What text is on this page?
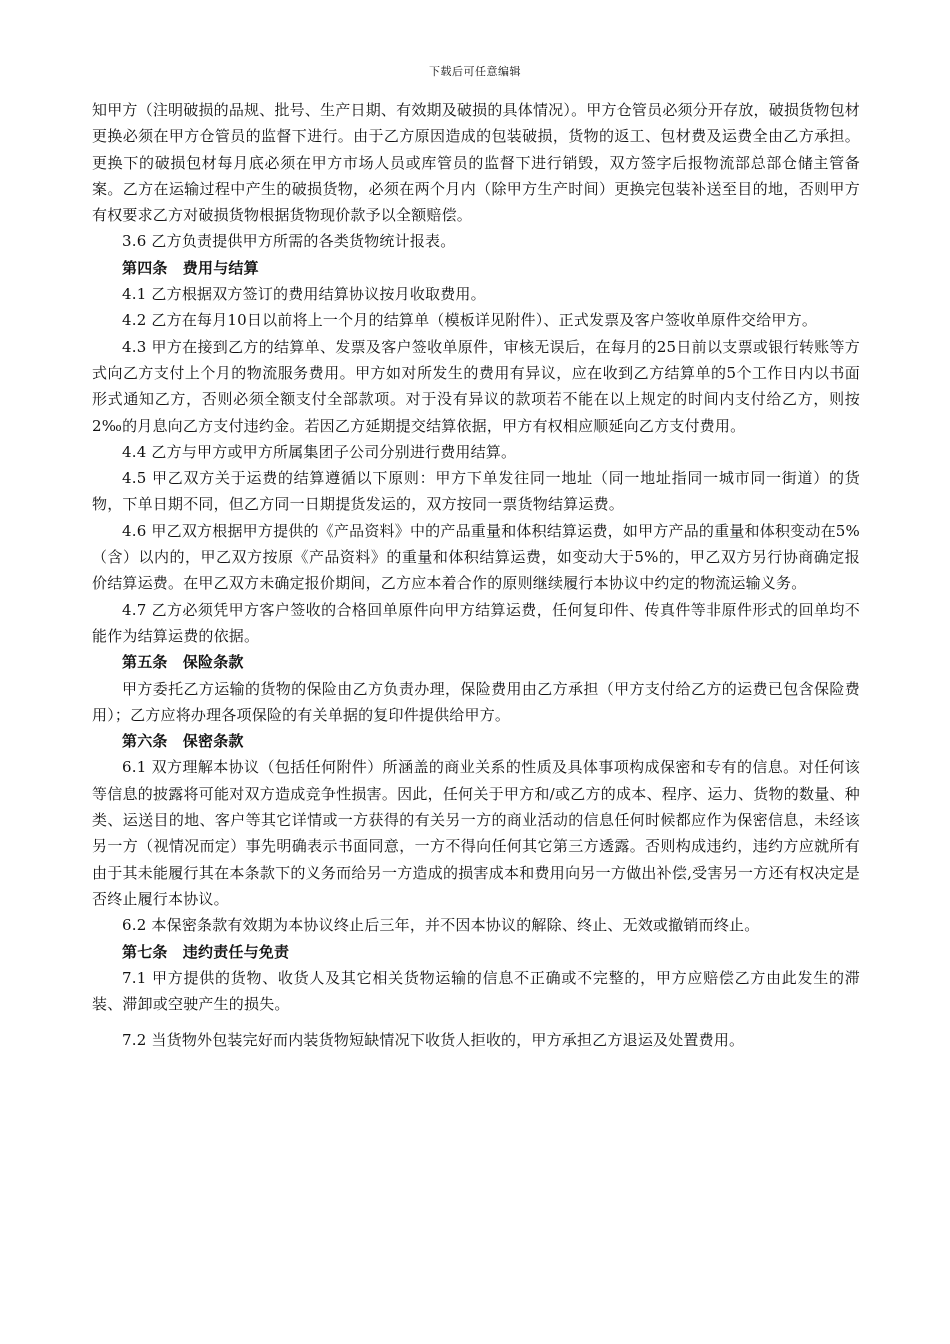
下载后可任意编辑

知甲方（注明破损的品规、批号、生产日期、有效期及破损的具体情况）。甲方仓管员必须分开存放，破损货物包材更换必须在甲方仓管员的监督下进行。由于乙方原因造成的包装破损，货物的返工、包材费及运费全由乙方承担。更换下的破损包材每月底必须在甲方市场人员或库管员的监督下进行销毁，双方签字后报物流部总部仓储主管备案。乙方在运输过程中产生的破损货物，必须在两个月内（除甲方生产时间）更换完包装补送至目的地，否则甲方有权要求乙方对破损货物根据货物现价款予以全额赔偿。

3.6 乙方负责提供甲方所需的各类货物统计报表。

第四条　费用与结算

4.1 乙方根据双方签订的费用结算协议按月收取费用。

4.2 乙方在每月10日以前将上一个月的结算单（模板详见附件）、正式发票及客户签收单原件交给甲方。

4.3 甲方在接到乙方的结算单、发票及客户签收单原件，审核无误后，在每月的25日前以支票或银行转账等方式向乙方支付上个月的物流服务费用。甲方如对所发生的费用有异议，应在收到乙方结算单的5个工作日内以书面形式通知乙方，否则必须全额支付全部款项。对于没有异议的款项若不能在以上规定的时间内支付给乙方，则按2‰的月息向乙方支付违约金。若因乙方延期提交结算依据，甲方有权相应顺延向乙方支付费用。

4.4 乙方与甲方或甲方所属集团子公司分别进行费用结算。

4.5 甲乙双方关于运费的结算遵循以下原则：甲方下单发往同一地址（同一地址指同一城市同一街道）的货物，下单日期不同，但乙方同一日期提货发运的，双方按同一票货物结算运费。

4.6 甲乙双方根据甲方提供的《产品资料》中的产品重量和体积结算运费，如甲方产品的重量和体积变动在5%（含）以内的，甲乙双方按原《产品资料》的重量和体积结算运费，如变动大于5%的，甲乙双方另行协商确定报价结算运费。在甲乙双方未确定报价期间，乙方应本着合作的原则继续履行本协议中约定的物流运输义务。

4.7 乙方必须凭甲方客户签收的合格回单原件向甲方结算运费，任何复印件、传真件等非原件形式的回单均不能作为结算运费的依据。

第五条　保险条款

甲方委托乙方运输的货物的保险由乙方负责办理，保险费用由乙方承担（甲方支付给乙方的运费已包含保险费用）；乙方应将办理各项保险的有关单据的复印件提供给甲方。

第六条　保密条款

6.1 双方理解本协议（包括任何附件）所涵盖的商业关系的性质及具体事项构成保密和专有的信息。对任何该等信息的披露将可能对双方造成竞争性损害。因此，任何关于甲方和/或乙方的成本、程序、运力、货物的数量、种类、运送目的地、客户等其它详情或一方获得的有关另一方的商业活动的信息任何时候都应作为保密信息，未经该另一方（视情况而定）事先明确表示书面同意，一方不得向任何其它第三方透露。否则构成违约，违约方应就所有由于其未能履行其在本条款下的义务而给另一方造成的损害成本和费用向另一方做出补偿,受害另一方还有权决定是否终止履行本协议。

6.2 本保密条款有效期为本协议终止后三年，并不因本协议的解除、终止、无效或撤销而终止。

第七条　违约责任与免责

7.1 甲方提供的货物、收货人及其它相关货物运输的信息不正确或不完整的，甲方应赔偿乙方由此发生的滞装、滞卸或空驶产生的损失。

7.2 当货物外包装完好而内装货物短缺情况下收货人拒收的，甲方承担乙方退运及处置费用。
